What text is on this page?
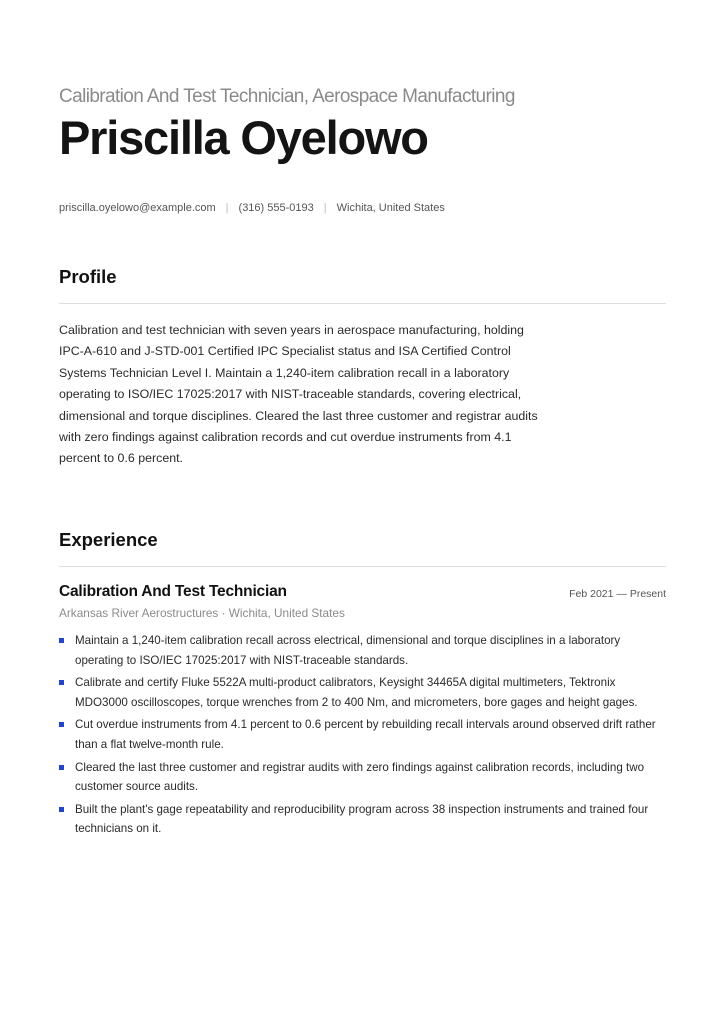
Calibration And Test Technician, Aerospace Manufacturing
Priscilla Oyelowo
priscilla.oyelowo@example.com | (316) 555-0193 | Wichita, United States
Profile
Calibration and test technician with seven years in aerospace manufacturing, holding IPC-A-610 and J-STD-001 Certified IPC Specialist status and ISA Certified Control Systems Technician Level I. Maintain a 1,240-item calibration recall in a laboratory operating to ISO/IEC 17025:2017 with NIST-traceable standards, covering electrical, dimensional and torque disciplines. Cleared the last three customer and registrar audits with zero findings against calibration records and cut overdue instruments from 4.1 percent to 0.6 percent.
Experience
Calibration And Test Technician	Feb 2021 — Present
Arkansas River Aerostructures · Wichita, United States
Maintain a 1,240-item calibration recall across electrical, dimensional and torque disciplines in a laboratory operating to ISO/IEC 17025:2017 with NIST-traceable standards.
Calibrate and certify Fluke 5522A multi-product calibrators, Keysight 34465A digital multimeters, Tektronix MDO3000 oscilloscopes, torque wrenches from 2 to 400 Nm, and micrometers, bore gages and height gages.
Cut overdue instruments from 4.1 percent to 0.6 percent by rebuilding recall intervals around observed drift rather than a flat twelve-month rule.
Cleared the last three customer and registrar audits with zero findings against calibration records, including two customer source audits.
Built the plant's gage repeatability and reproducibility program across 38 inspection instruments and trained four technicians on it.
